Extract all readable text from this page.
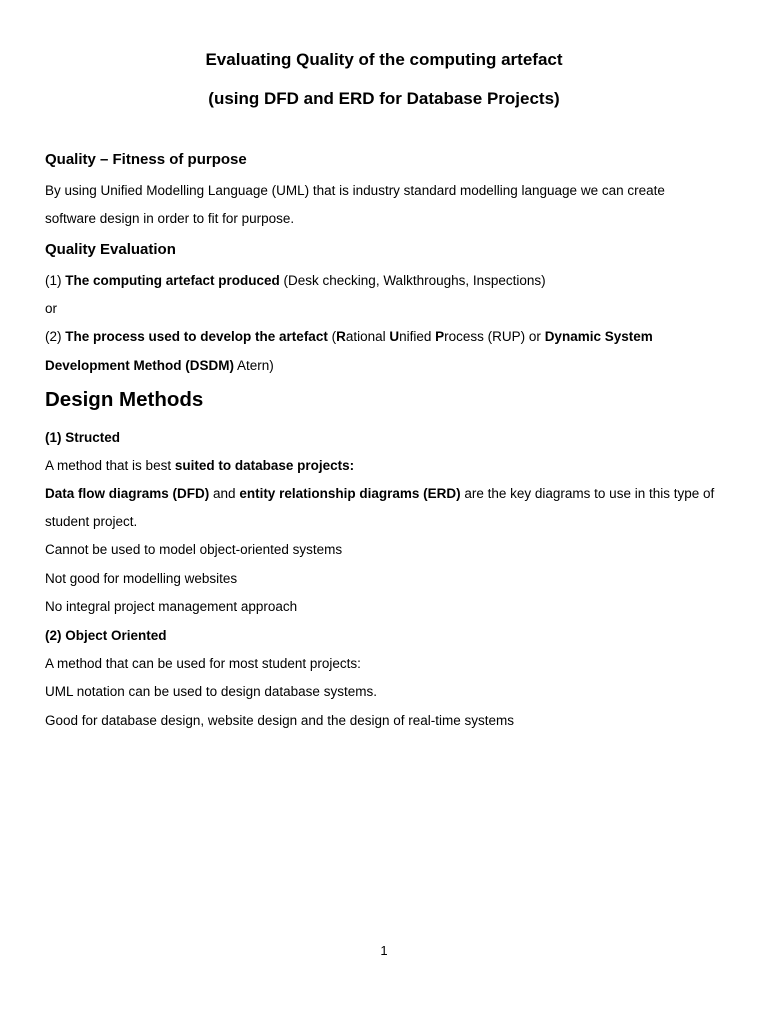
Evaluating Quality of the computing artefact
(using DFD and ERD for Database Projects)
Quality – Fitness of purpose
By using Unified Modelling Language (UML) that is industry standard modelling language we can create
software design in order to fit for purpose.
Quality Evaluation
(1) The computing artefact produced (Desk checking, Walkthroughs, Inspections)
or
(2) The process used to develop the artefact (Rational Unified Process (RUP) or Dynamic System
Development Method (DSDM) Atern)
Design Methods
(1) Structed
A method that is best suited to database projects:
Data flow diagrams (DFD) and entity relationship diagrams (ERD) are the key diagrams to use in this type of
student project.
Cannot be used to model object-oriented systems
Not good for modelling websites
No integral project management approach
(2) Object Oriented
A method that can be used for most student projects:
UML notation can be used to design database systems.
Good for database design, website design and the design of real-time systems
1
